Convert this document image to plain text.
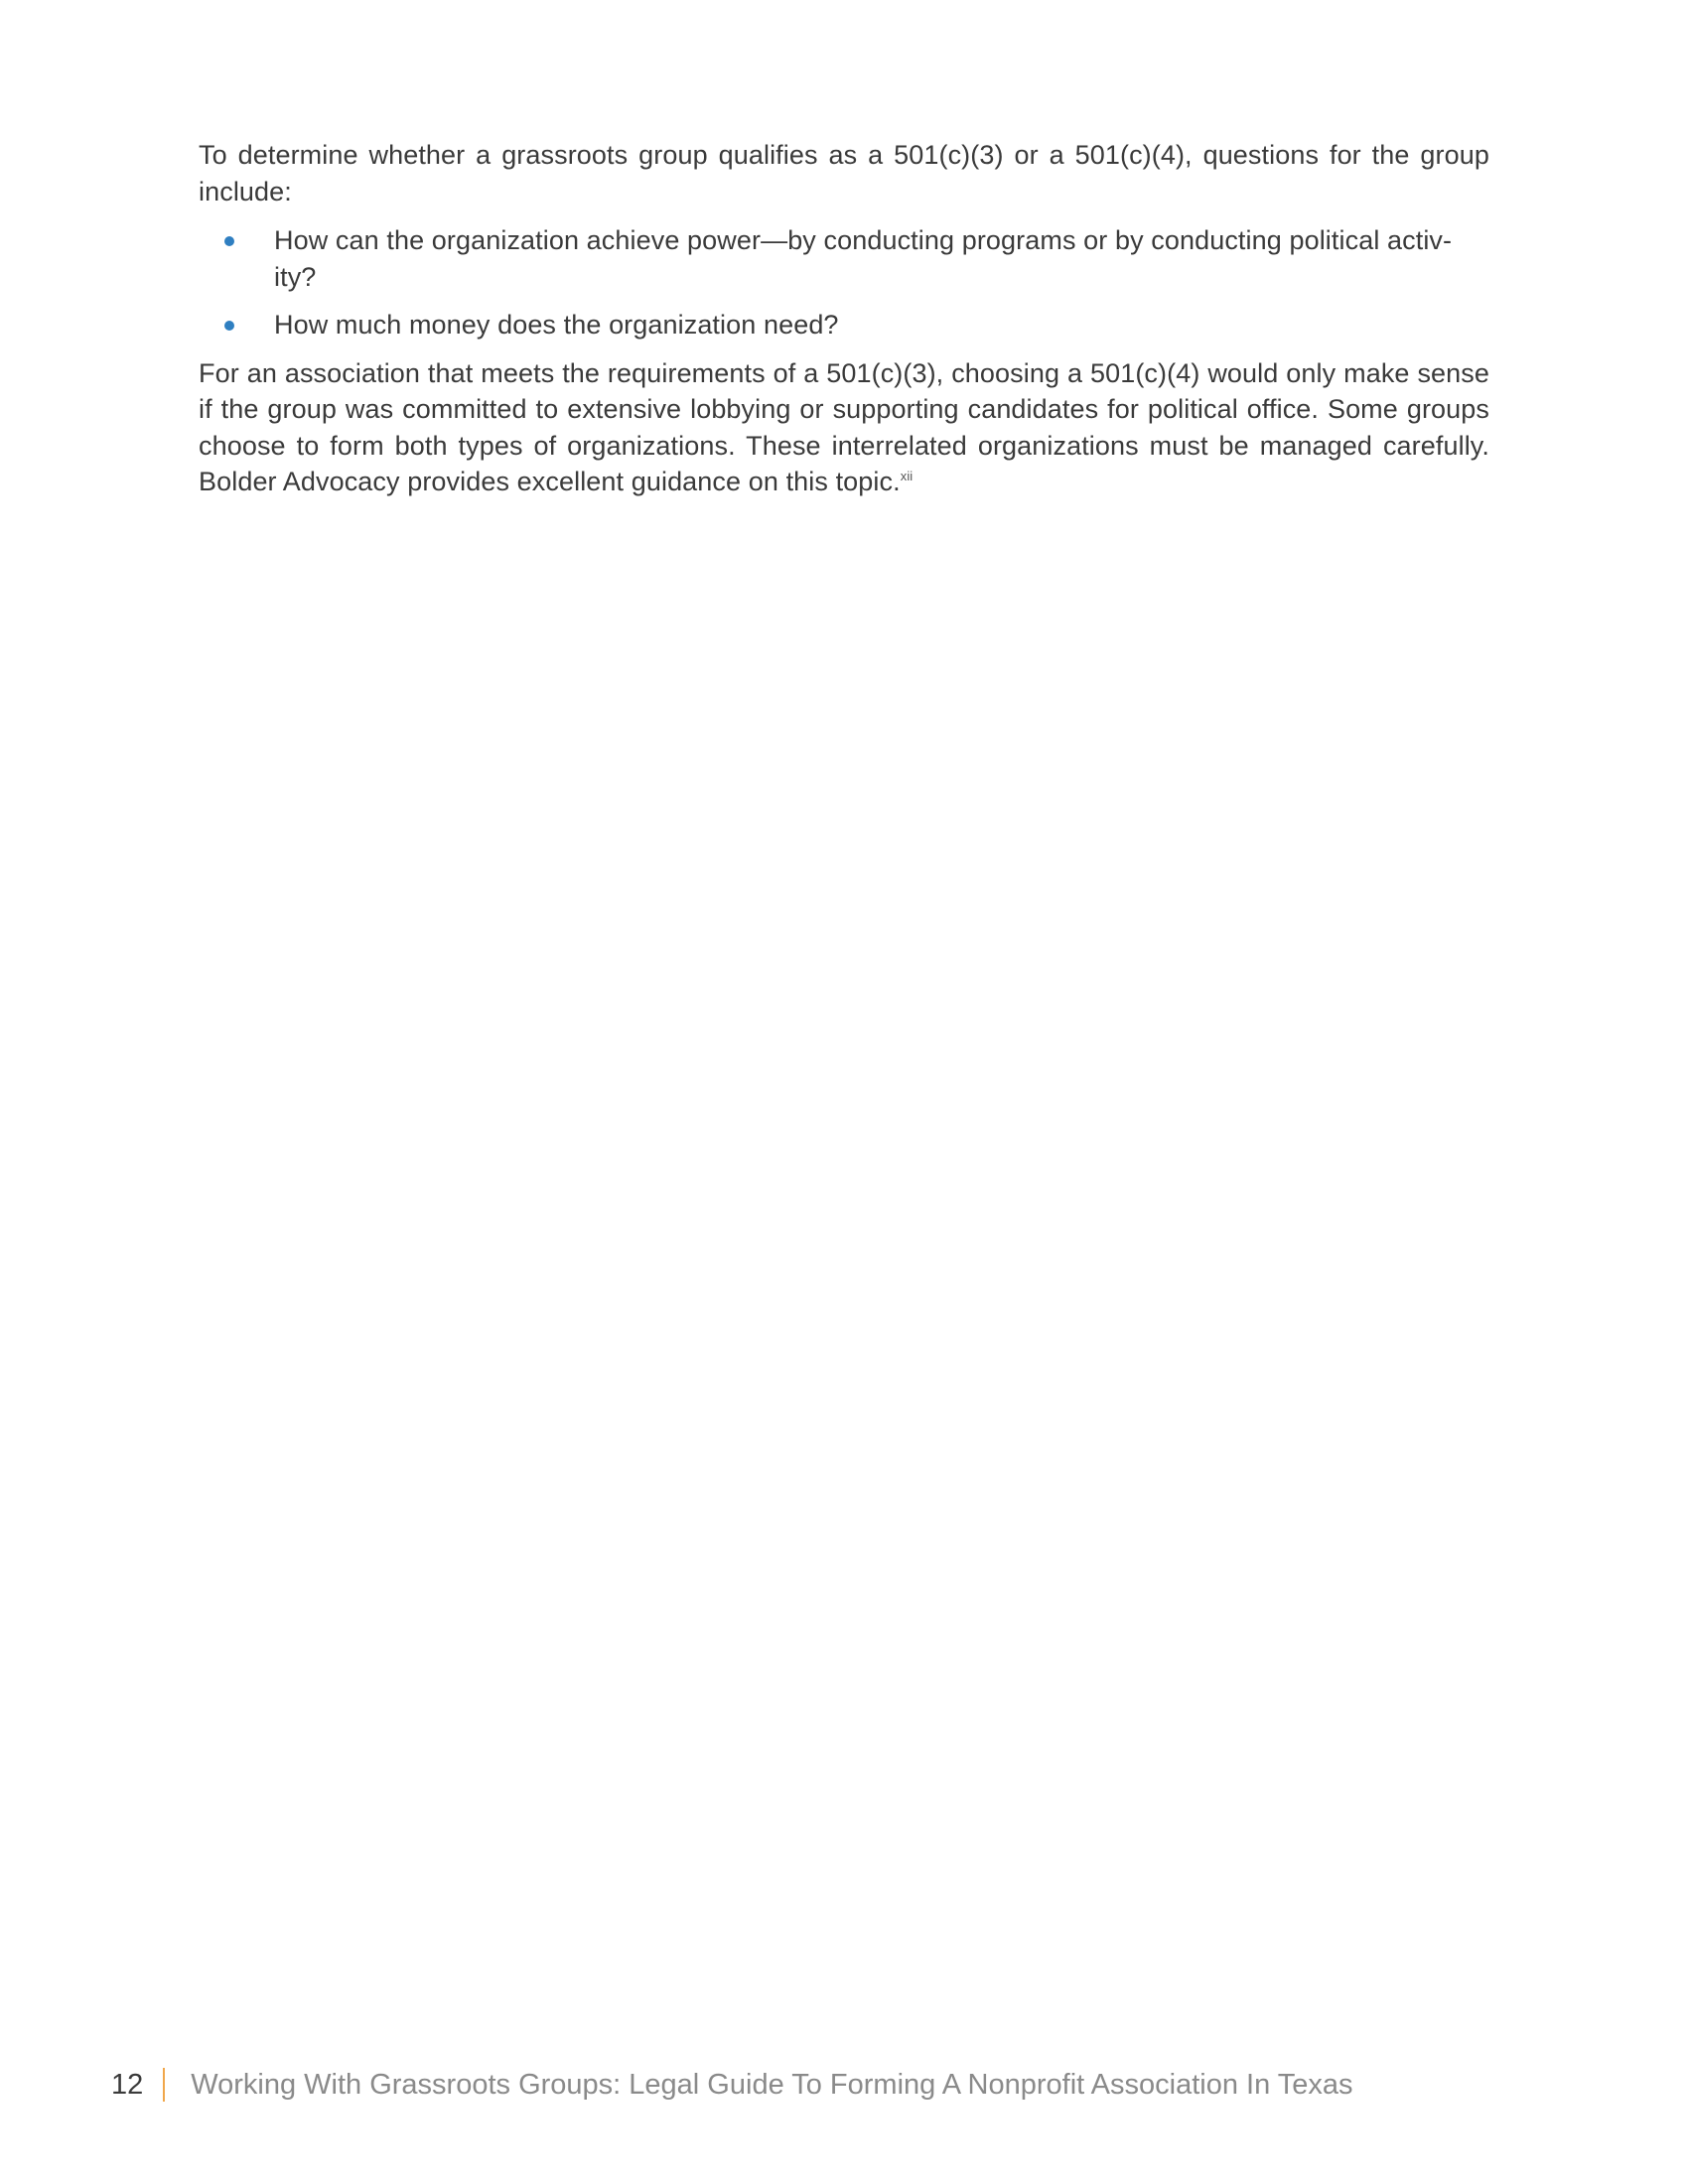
To determine whether a grassroots group qualifies as a 501(c)(3) or a 501(c)(4), questions for the group include:

How can the organization achieve power—by conducting programs or by conducting political activ-ity?
How much money does the organization need?

For an association that meets the requirements of a 501(c)(3), choosing a 501(c)(4) would only make sense if the group was committed to extensive lobbying or supporting candidates for political office. Some groups choose to form both types of organizations. These interrelated organizations must be managed carefully. Bolder Advocacy provides excellent guidance on this topic.$^{xii}$

12 Working With Grassroots Groups: Legal Guide To Forming A Nonprofit Association In Texas
